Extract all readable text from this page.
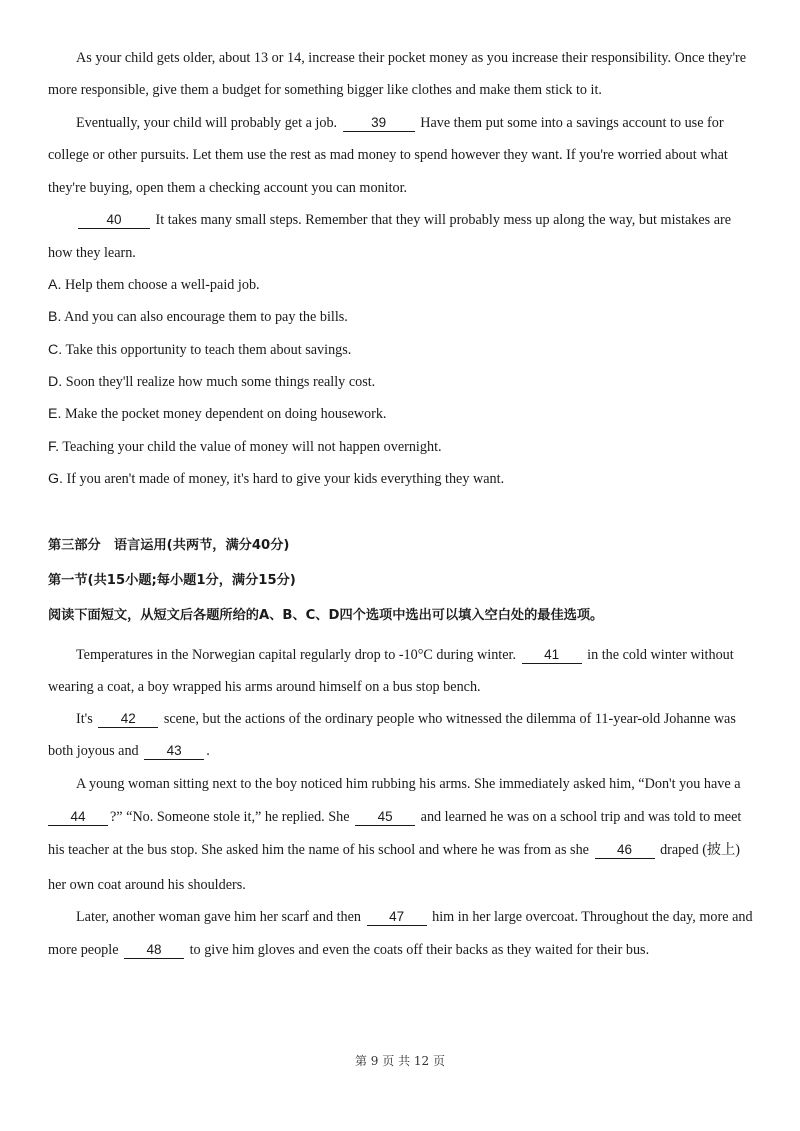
As your child gets older, about 13 or 14, increase their pocket money as you increase their responsibility. Once they're
more responsible, give them a budget for something bigger like clothes and make them stick to it.
Eventually, your child will probably get a job.	39 Have them put some into a savings account to use for
college or other pursuits. Let them use the rest as mad money to spend however they want. If you're worried about what
they're buying, open them a checking account you can monitor.
40 It takes many small steps. Remember that they will probably mess up along the way, but mistakes are
how they learn.
A. Help them choose a well-paid job.
B. And you can also encourage them to pay the bills.
C. Take this opportunity to teach them about savings.
D. Soon they'll realize how much some things really cost.
E. Make the pocket money dependent on doing housework.
F. Teaching your child the value of money will not happen overnight.
G. If you aren't made of money, it's hard to give your kids everything they want.
第三部分　语言运用(共两节，满分40分)
第一节(共15小题;每小题1分，满分15分)
阅读下面短文，从短文后各题所给的A、B、C、D四个选项中选出可以填入空白处的最佳选项。
Temperatures in the Norwegian capital regularly drop to -10°C during winter. 41 in the cold winter without
wearing a coat, a boy wrapped his arms around himself on a bus stop bench.
It's 42 scene, but the actions of the ordinary people who witnessed the dilemma of 11-year-old Johanne was
both joyous and 43 .
A young woman sitting next to the boy noticed him rubbing his arms. She immediately asked him, “Don't you have a
44 ?” “No. Someone stole it,” he replied. She 45 and learned he was on a school trip and was told to meet
his teacher at the bus stop. She asked him the name of his school and where he was from as she 46 draped (披上)
her own coat around his shoulders.
Later, another woman gave him her scarf and then 47 him in her large overcoat. Throughout the day, more and
more people 48 to give him gloves and even the coats off their backs as they waited for their bus.
第 9 页 共 12 页
